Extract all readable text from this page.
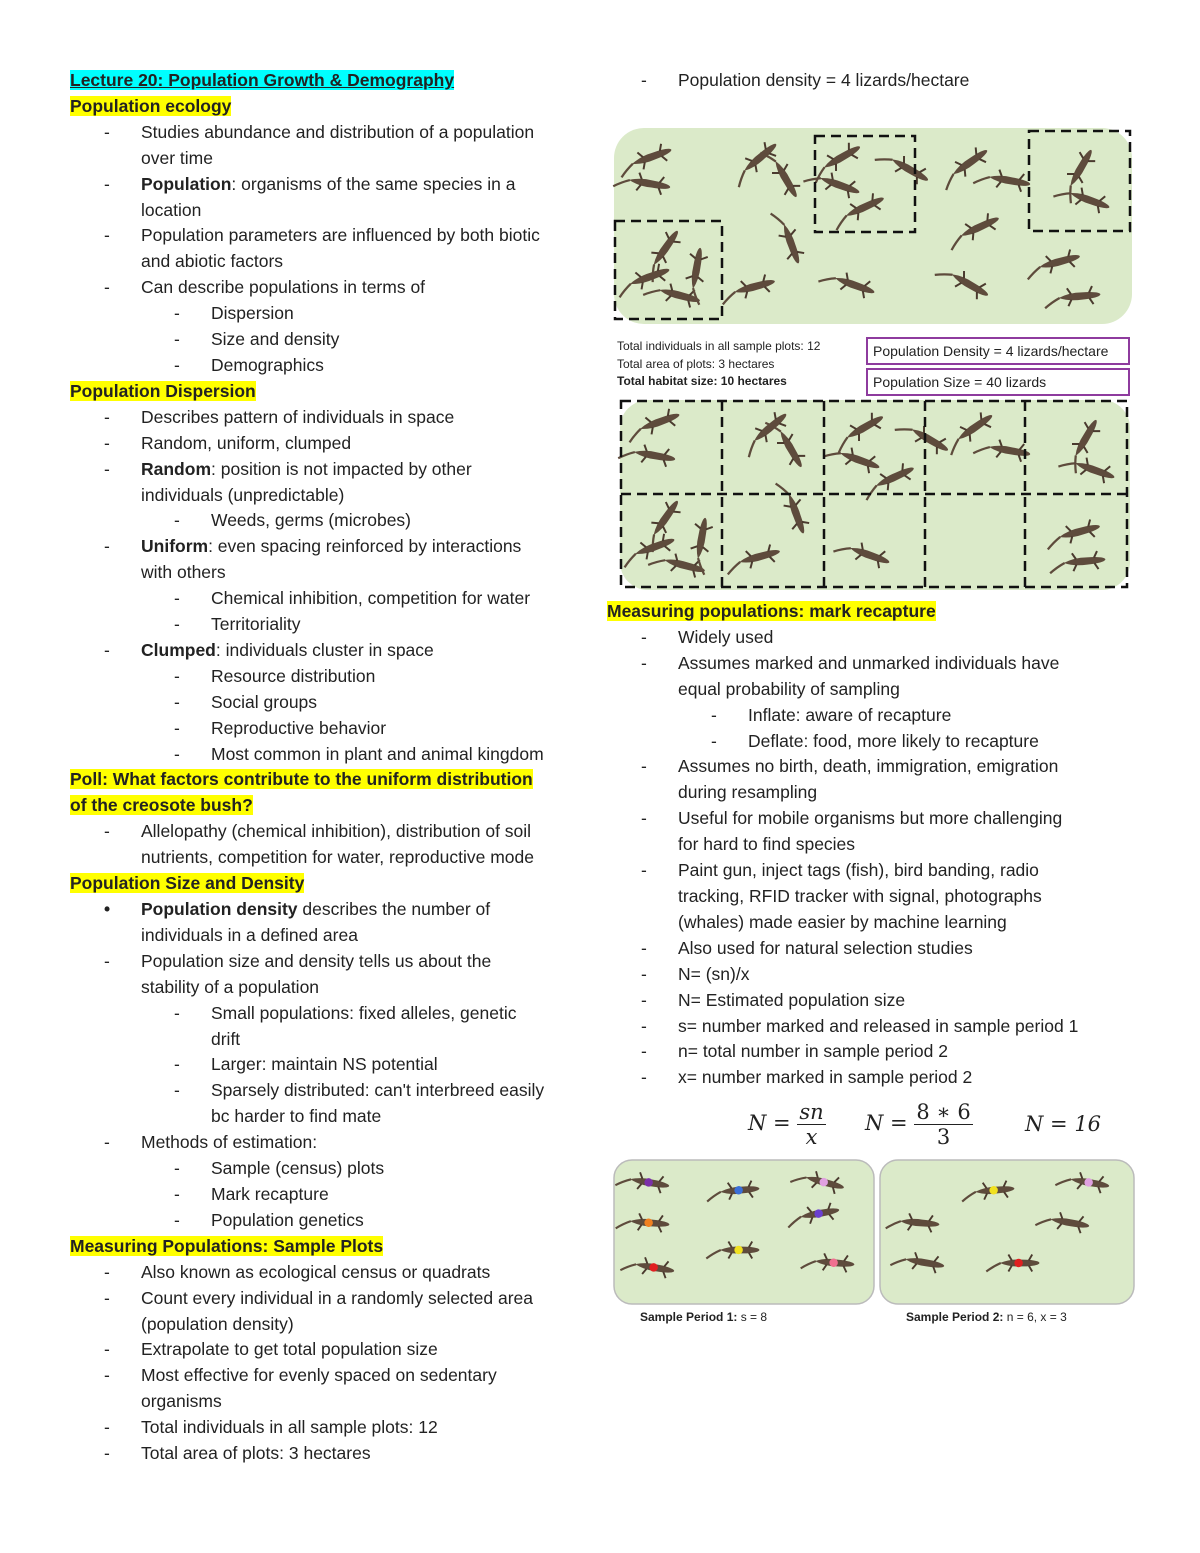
Lecture 20: Population Growth & Demography
Population ecology
- Studies abundance and distribution of a population
over time
- Population: organisms of the same species in a
location
- Population parameters are influenced by both biotic
and abiotic factors
- Can describe populations in terms of
- Dispersion
- Size and density
- Demographics
Population Dispersion
- Describes pattern of individuals in space
- Random, uniform, clumped
- Random: position is not impacted by other
individuals (unpredictable)
- Weeds, germs (microbes)
- Uniform: even spacing reinforced by interactions
with others
- Chemical inhibition, competition for water
- Territoriality
- Clumped: individuals cluster in space
- Resource distribution
- Social groups
- Reproductive behavior
- Most common in plant and animal kingdom
Poll: What factors contribute to the uniform distribution
of the creosote bush?
- Allelopathy (chemical inhibition), distribution of soil
nutrients, competition for water, reproductive mode
Population Size and Density
• Population density describes the number of
individuals in a defined area
- Population size and density tells us about the
stability of a population
- Small populations: fixed alleles, genetic
drift
- Larger: maintain NS potential
- Sparsely distributed: can't interbreed easily
bc harder to find mate
- Methods of estimation:
- Sample (census) plots
- Mark recapture
- Population genetics
Measuring Populations: Sample Plots
- Also known as ecological census or quadrats
- Count every individual in a randomly selected area
(population density)
- Extrapolate to get total population size
- Most effective for evenly spaced on sedentary
organisms
- Total individuals in all sample plots: 12
- Total area of plots: 3 hectares
- Population density = 4 lizards/hectare
Total individuals in all sample plots: 12
Total area of plots: 3 hectares
Total habitat size: 10 hectares
Population Density = 4 lizards/hectare
Population Size = 40 lizards
Measuring populations: mark recapture
- Widely used
- Assumes marked and unmarked individuals have
equal probability of sampling
- Inflate: aware of recapture
- Deflate: food, more likely to recapture
- Assumes no birth, death, immigration, emigration
during resampling
- Useful for mobile organisms but more challenging
for hard to find species
- Paint gun, inject tags (fish), bird banding, radio
tracking, RFID tracker with signal, photographs
(whales) made easier by machine learning
- Also used for natural selection studies
- N= (sn)/x
- N= Estimated population size
- s= number marked and released in sample period 1
- n= total number in sample period 2
- x= number marked in sample period 2
$N = \frac{sn}{x}$ $N = \frac{8 ∗ 6}{3}$ N = 16
Sample Period 1: s = 8	Sample Period 2: n = 6, x = 3
